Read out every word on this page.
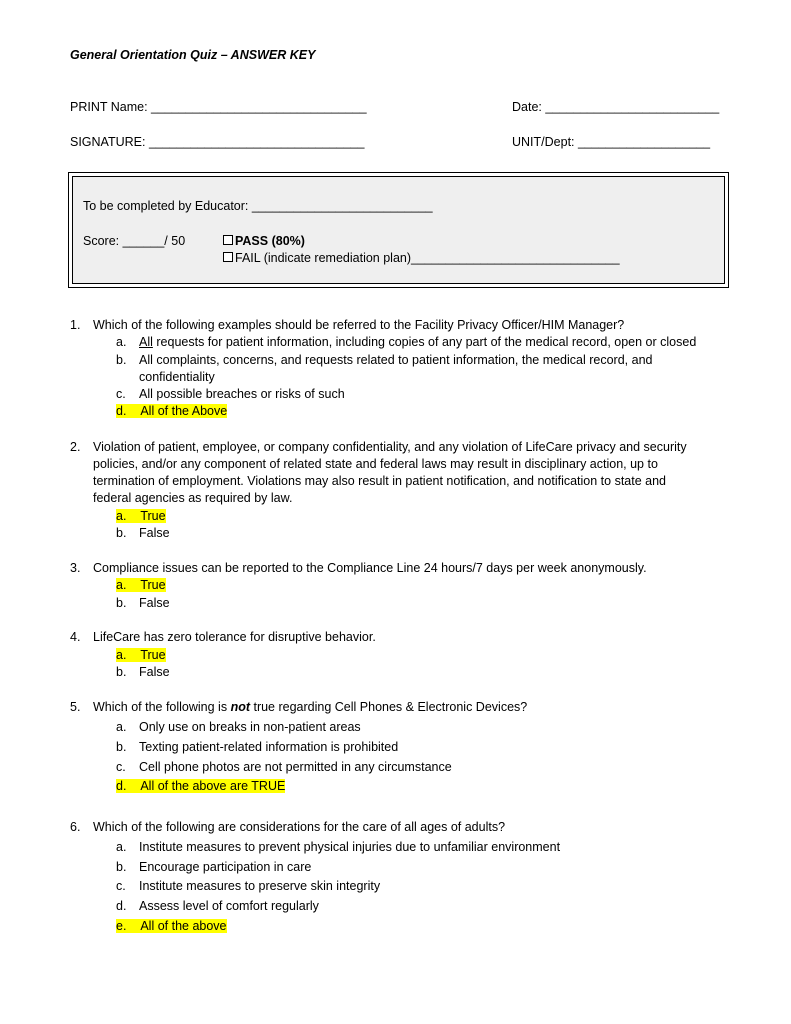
General Orientation Quiz – ANSWER KEY
PRINT Name: _______________________________	Date: _________________________
SIGNATURE: _______________________________	UNIT/Dept: ___________________
To be completed by Educator: __________________________
Score: ______/ 50	PASS (80%)
FAIL (indicate remediation plan)______________________________
1. Which of the following examples should be referred to the Facility Privacy Officer/HIM Manager?
a. All requests for patient information, including copies of any part of the medical record, open or closed
b. All complaints, concerns, and requests related to patient information, the medical record, and
confidentiality
c. All possible breaches or risks of such
d. All of the Above
2. Violation of patient, employee, or company confidentiality, and any violation of LifeCare privacy and security
policies, and/or any component of related state and federal laws may result in disciplinary action, up to
termination of employment. Violations may also result in patient notification, and notification to state and
federal agencies as required by law.
a. True
b. False
3. Compliance issues can be reported to the Compliance Line 24 hours/7 days per week anonymously.
a. True
b. False
4. LifeCare has zero tolerance for disruptive behavior.
a. True
b. False
5. Which of the following is not true regarding Cell Phones & Electronic Devices?
a. Only use on breaks in non-patient areas
b. Texting patient-related information is prohibited
c. Cell phone photos are not permitted in any circumstance
d. All of the above are TRUE
6. Which of the following are considerations for the care of all ages of adults?
a. Institute measures to prevent physical injuries due to unfamiliar environment
b. Encourage participation in care
c. Institute measures to preserve skin integrity
d. Assess level of comfort regularly
e. All of the above
